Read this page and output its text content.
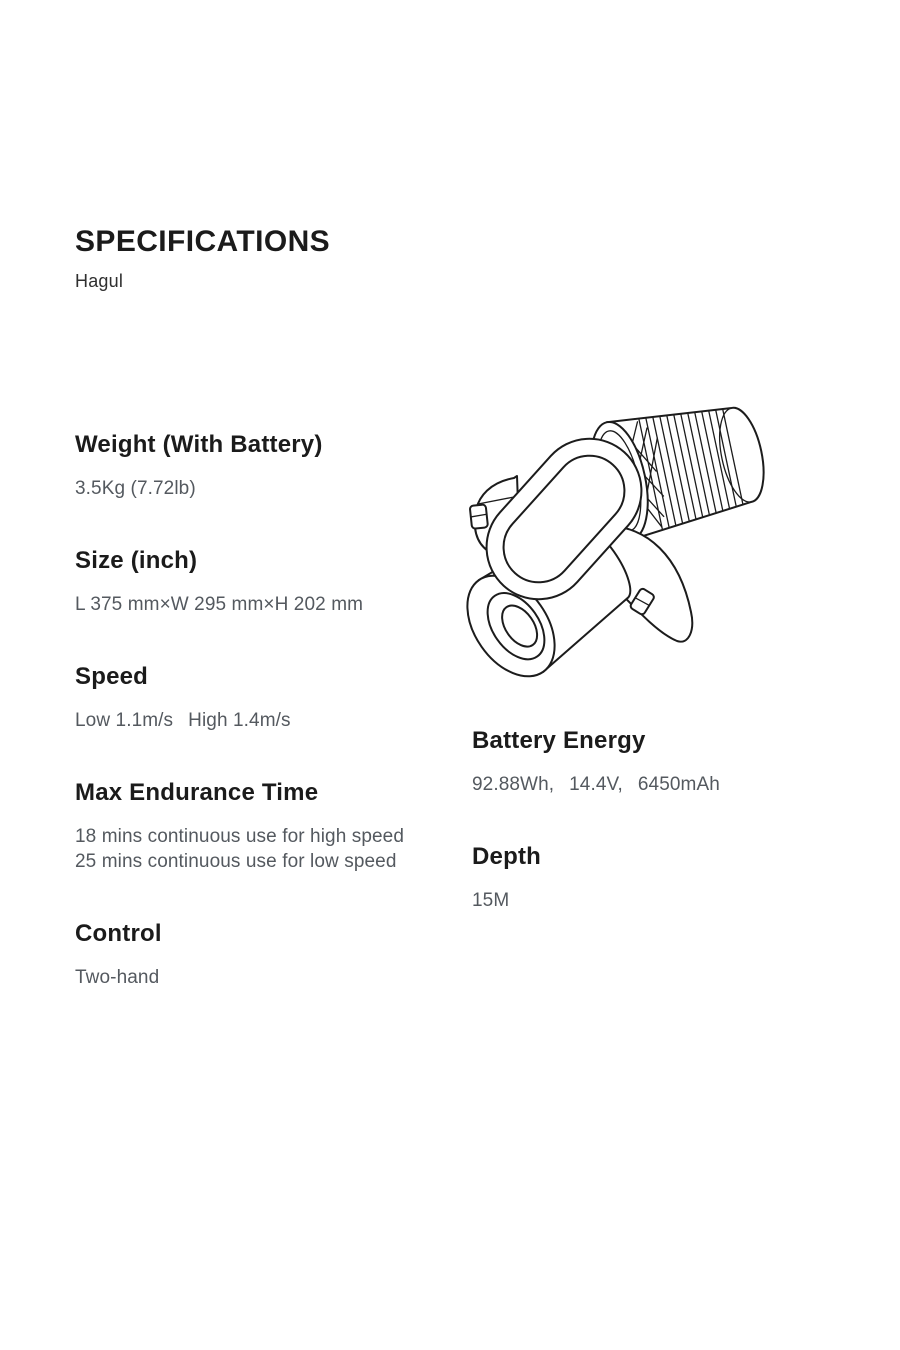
SPECIFICATIONS

Hagul

Weight (With Battery)

3.5Kg (7.72lb)

Size (inch)

L 375 mm×W 295 mm×H 202 mm

Speed

Low 1.1m/s  High 1.4m/s

Max Endurance Time

18 mins continuous use for high speed

25 mins continuous use for low speed

Control

Two-hand

Battery Energy

92.88Wh,  14.4V,  6450mAh

Depth

15M
